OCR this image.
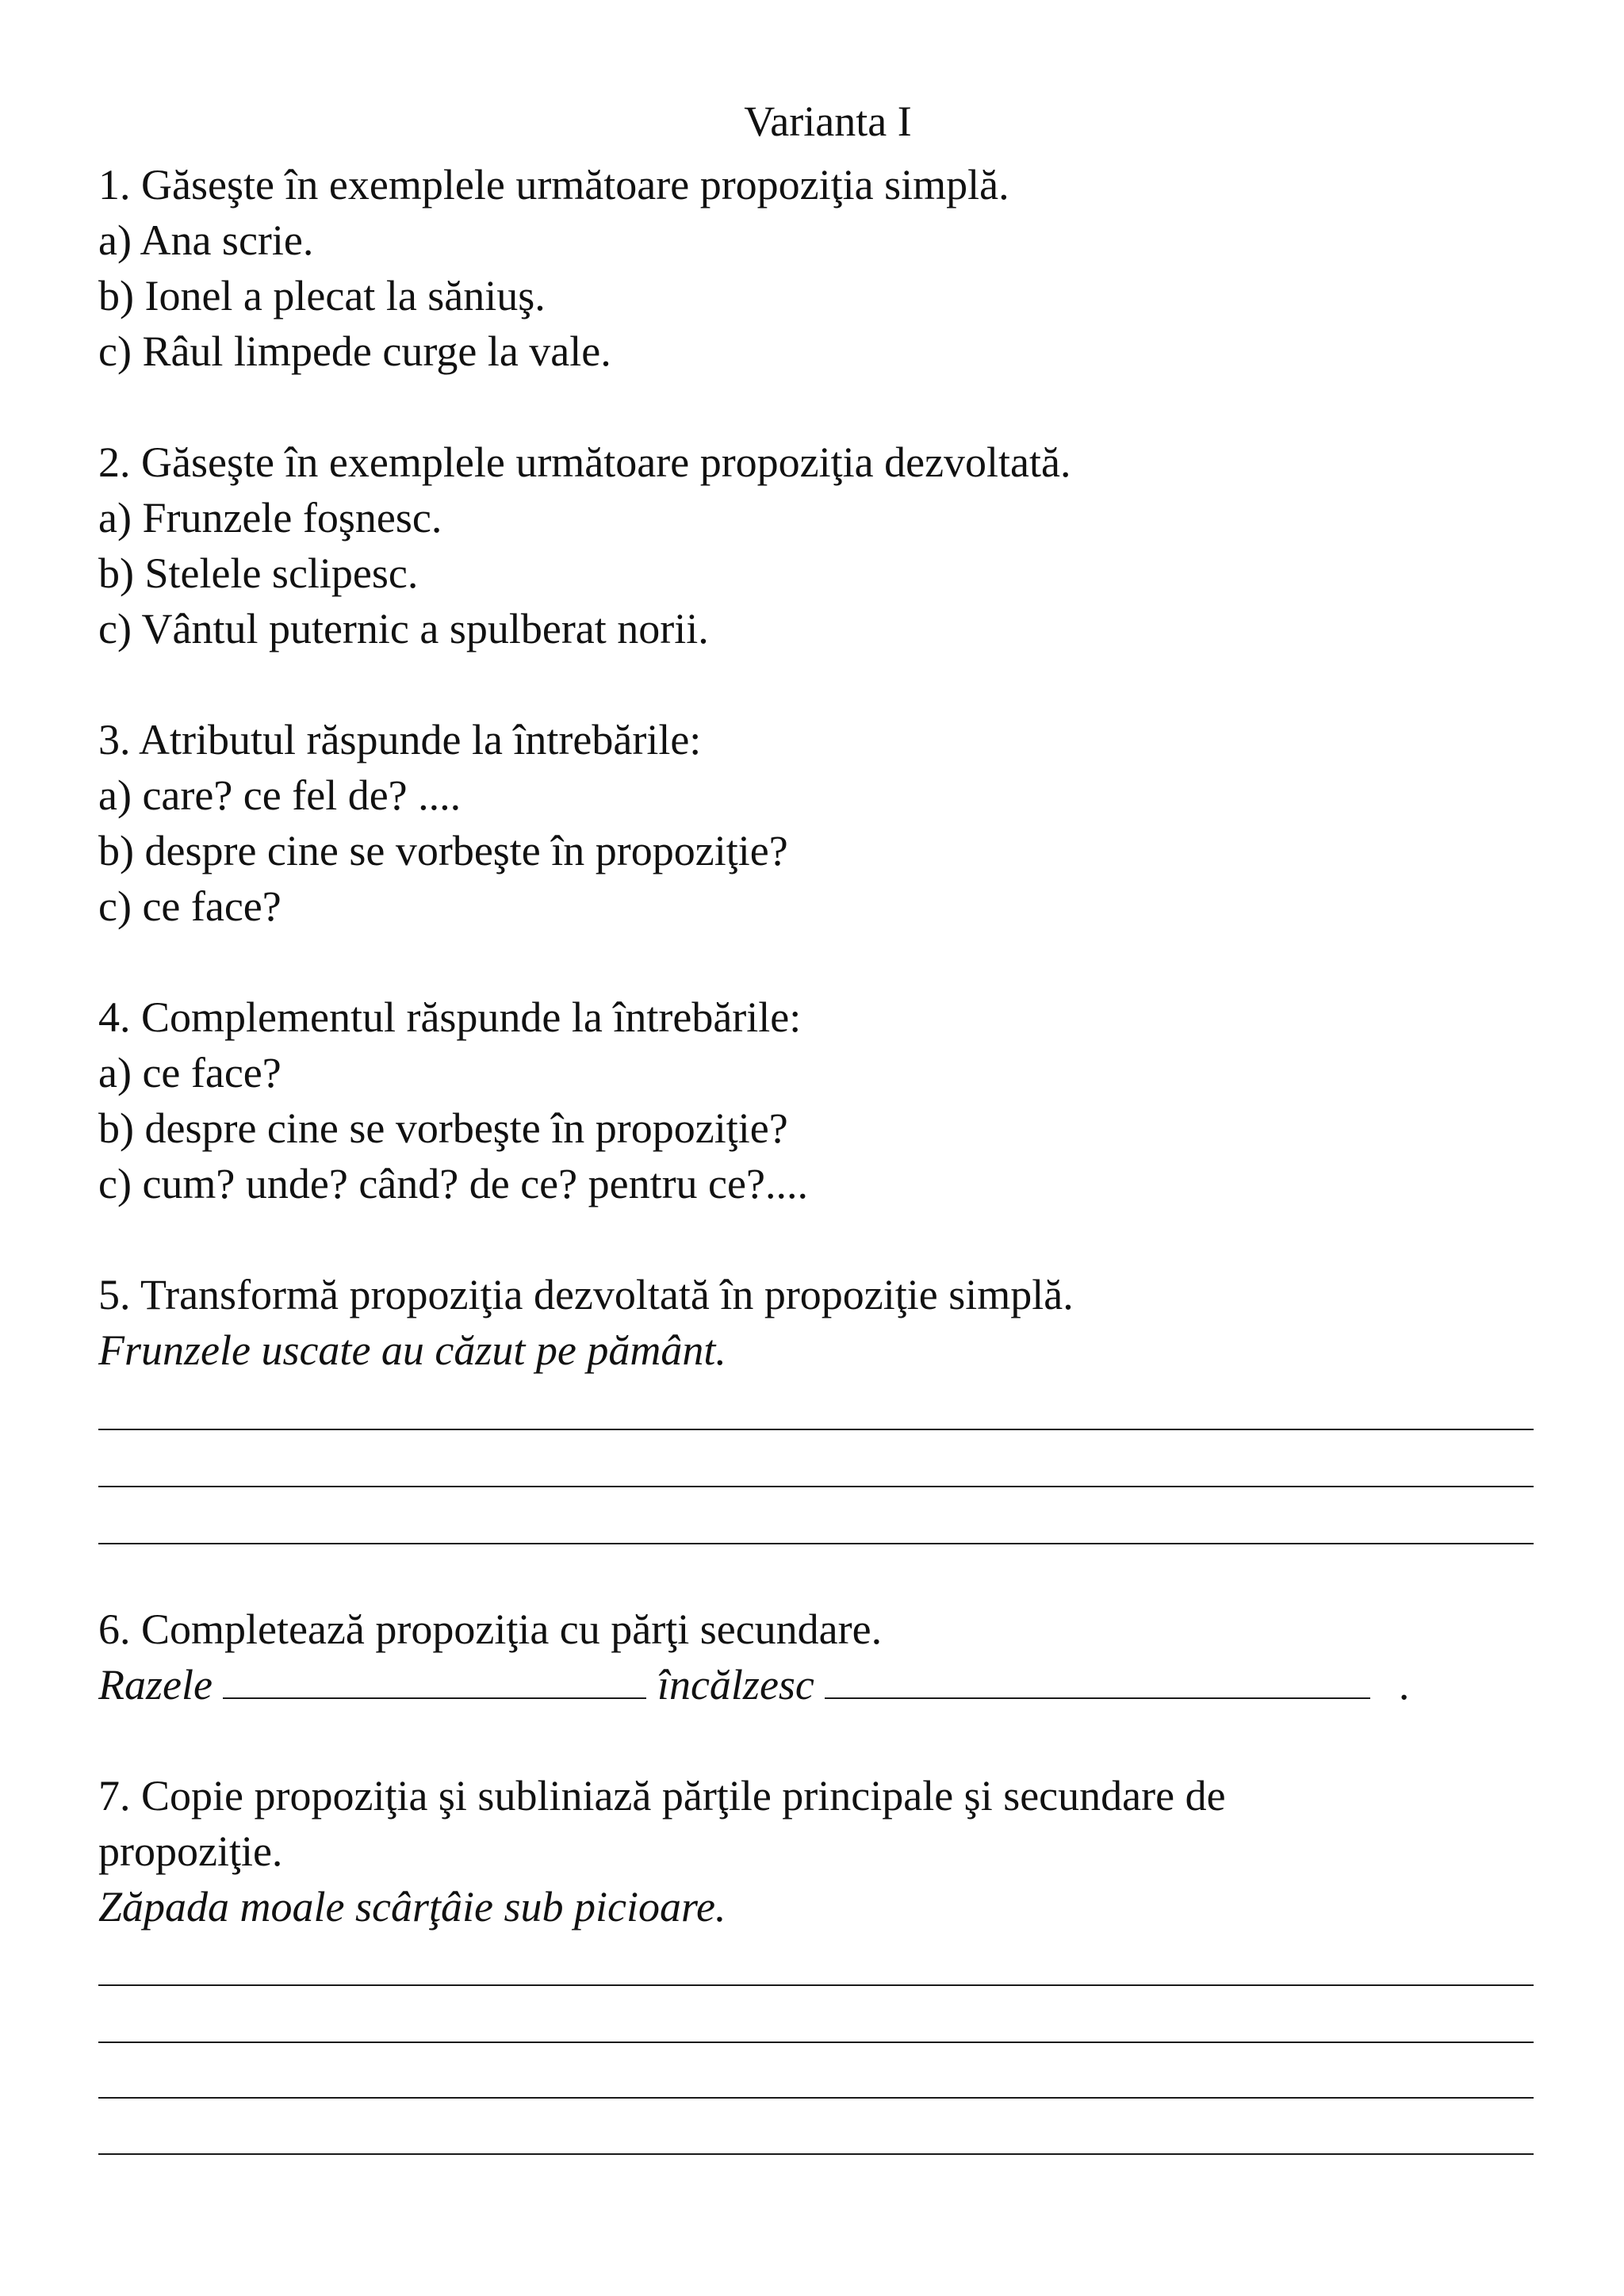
Varianta I
1. Găseşte în exemplele următoare propoziţia simplă.
a) Ana scrie.
b) Ionel a plecat la săniuş.
c) Râul limpede curge la vale.
2. Găseşte în exemplele următoare propoziţia dezvoltată.
a) Frunzele foşnesc.
b) Stelele sclipesc.
c) Vântul puternic a spulberat norii.
3. Atributul răspunde la întrebările:
a) care? ce fel de? ....
b) despre cine se vorbeşte în propoziţie?
c) ce face?
4. Complementul răspunde la întrebările:
a) ce face?
b) despre cine se vorbeşte în propoziţie?
c) cum? unde? când? de ce? pentru ce?....
5. Transformă propoziţia dezvoltată în propoziţie simplă.
Frunzele uscate au căzut pe pământ.
6. Completează propoziţia cu părţi secundare.
Razele	încălzesc	.
7. Copie propoziţia şi subliniază părţile principale şi secundare de
propoziţie.
Zăpada moale scârţâie sub picioare.
